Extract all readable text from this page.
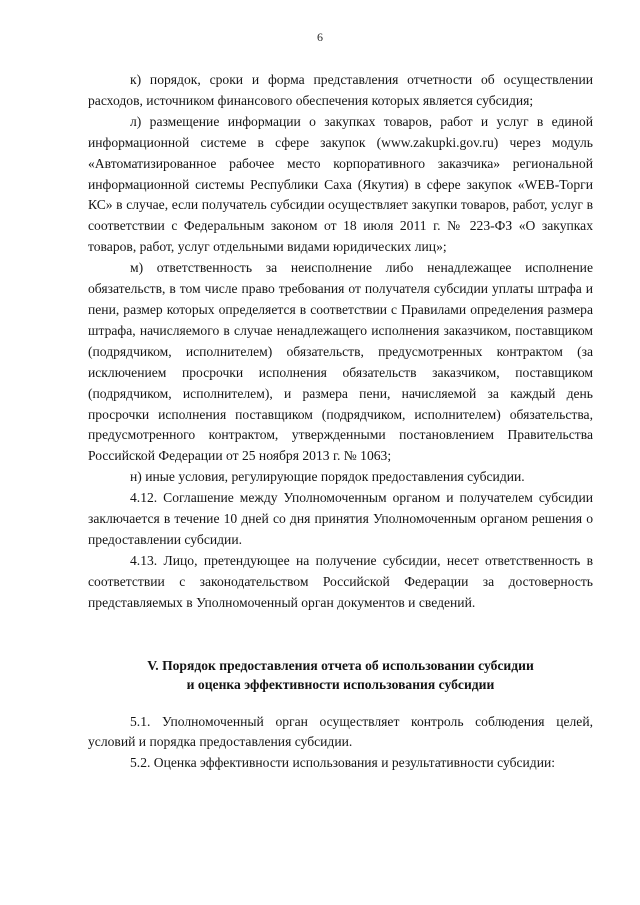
6

к) порядок, сроки и форма представления отчетности об осуществлении расходов, источником финансового обеспечения которых является субсидия;

л) размещение информации о закупках товаров, работ и услуг в единой информационной системе в сфере закупок (www.zakupki.gov.ru) через модуль «Автоматизированное рабочее место корпоративного заказчика» региональной информационной системы Республики Саха (Якутия) в сфере закупок «WEB-Торги КС» в случае, если получатель субсидии осуществляет закупки товаров, работ, услуг в соответствии с Федеральным законом от 18 июля 2011 г. № 223-ФЗ «О закупках товаров, работ, услуг отдельными видами юридических лиц»;

м) ответственность за неисполнение либо ненадлежащее исполнение обязательств, в том числе право требования от получателя субсидии уплаты штрафа и пени, размер которых определяется в соответствии с Правилами определения размера штрафа, начисляемого в случае ненадлежащего исполнения заказчиком, поставщиком (подрядчиком, исполнителем) обязательств, предусмотренных контрактом (за исключением просрочки исполнения обязательств заказчиком, поставщиком (подрядчиком, исполнителем), и размера пени, начисляемой за каждый день просрочки исполнения поставщиком (подрядчиком, исполнителем) обязательства, предусмотренного контрактом, утвержденными постановлением Правительства Российской Федерации от 25 ноября 2013 г. № 1063;

н) иные условия, регулирующие порядок предоставления субсидии.

4.12. Соглашение между Уполномоченным органом и получателем субсидии заключается в течение 10 дней со дня принятия Уполномоченным органом решения о предоставлении субсидии.

4.13. Лицо, претендующее на получение субсидии, несет ответственность в соответствии с законодательством Российской Федерации за достоверность представляемых в Уполномоченный орган документов и сведений.

V. Порядок предоставления отчета об использовании субсидии

и оценка эффективности использования субсидии

5.1. Уполномоченный орган осуществляет контроль соблюдения целей, условий и порядка предоставления субсидии.

5.2. Оценка эффективности использования и результативности субсидии:
